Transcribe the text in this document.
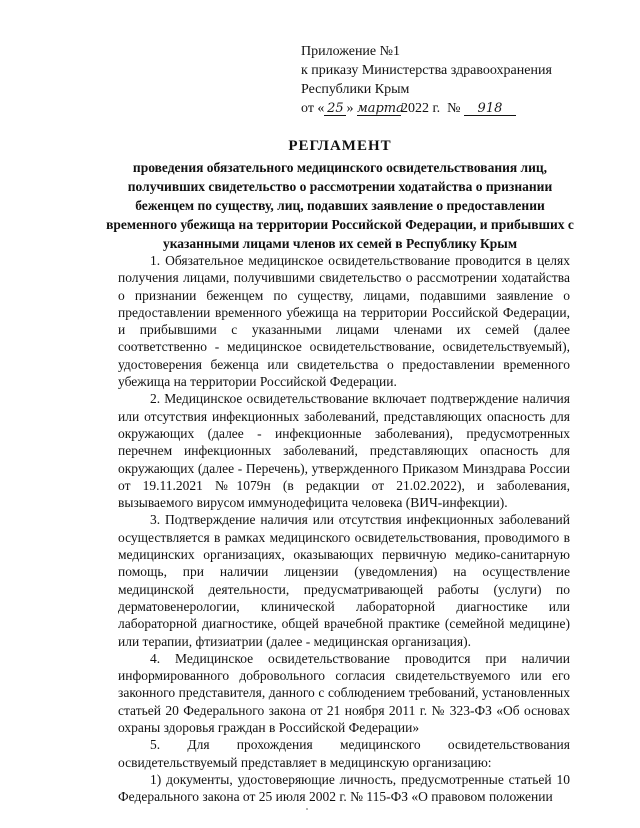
Приложение №1
к приказу Министерства здравоохранения
Республики Крым
от « 25 » марта2022 г. № 918
РЕГЛАМЕНТ
проведения обязательного медицинского освидетельствования лиц, получивших свидетельство о рассмотрении ходатайства о признании беженцем по существу, лиц, подавших заявление о предоставлении временного убежища на территории Российской Федерации, и прибывших с указанными лицами членов их семей в Республику Крым

1. Обязательное медицинское освидетельствование проводится в целях получения лицами, получившими свидетельство о рассмотрении ходатайства о признании беженцем по существу, лицами, подавшими заявление о предоставлении временного убежища на территории Российской Федерации, и прибывшими с указанными лицами членами их семей (далее соответственно - медицинское освидетельствование, освидетельствуемый), удостоверения беженца или свидетельства о предоставлении временного убежища на территории Российской Федерации.

2. Медицинское освидетельствование включает подтверждение наличия или отсутствия инфекционных заболеваний, представляющих опасность для окружающих (далее - инфекционные заболевания), предусмотренных перечнем инфекционных заболеваний, представляющих опасность для окружающих (далее - Перечень), утвержденного Приказом Минздрава России от 19.11.2021 №1079н (в редакции от 21.02.2022), и заболевания, вызываемого вирусом иммунодефицита человека (ВИЧ-инфекции).

3. Подтверждение наличия или отсутствия инфекционных заболеваний осуществляется в рамках медицинского освидетельствования, проводимого в медицинских организациях, оказывающих первичную медико-санитарную помощь, при наличии лицензии (уведомления) на осуществление медицинской деятельности, предусматривающей работы (услуги) по дерматовенерологии, клинической лабораторной диагностике или лабораторной диагностике, общей врачебной практике (семейной медицине) или терапии, фтизиатрии (далее - медицинская организация).

4. Медицинское освидетельствование проводится при наличии информированного добровольного согласия свидетельствуемого или его законного представителя, данного с соблюдением требований, установленных статьей 20 Федерального закона от 21 ноября 2011 г. № 323-ФЗ «Об основах охраны здоровья граждан в Российской Федерации»

5. Для прохождения медицинского освидетельствования освидетельствуемый представляет в медицинскую организацию:

1) документы, удостоверяющие личность, предусмотренные статьей 10 Федерального закона от 25 июля 2002 г. № 115-ФЗ «О правовом положении
